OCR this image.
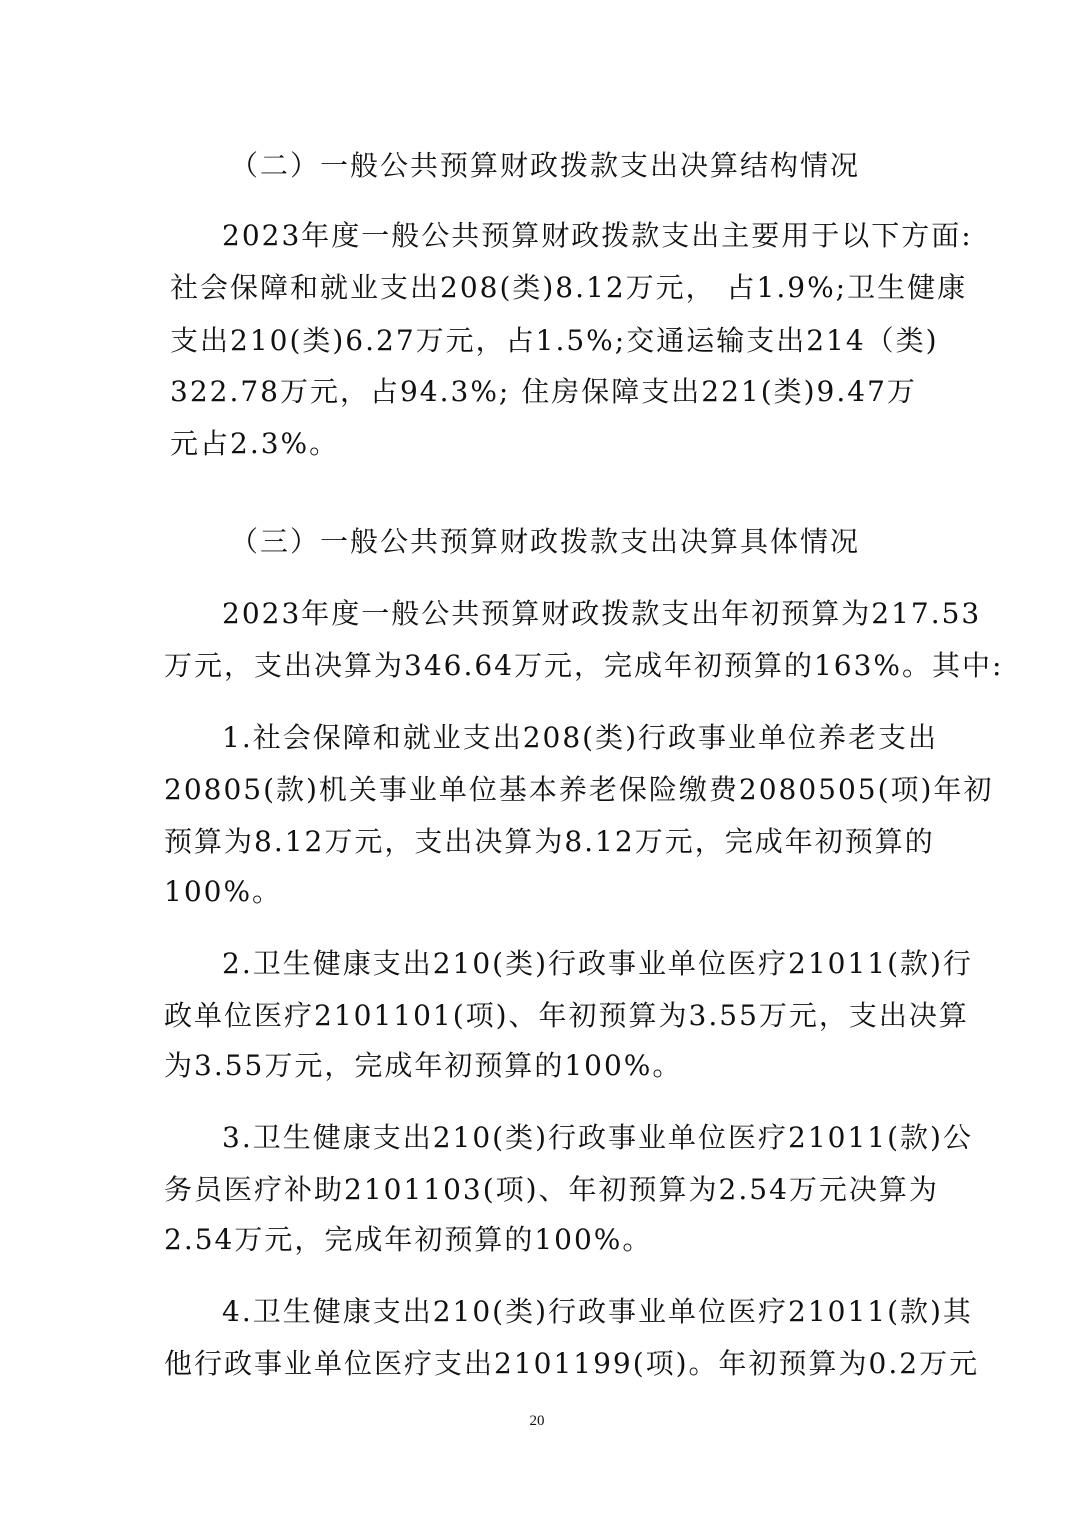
（二）一般公共预算财政拨款支出决算结构情况

2023年度一般公共预算财政拨款支出主要用于以下方面:

社会保障和就业支出208(类)8.12万元， 占1.9%;卫生健康

支出210(类)6.27万元，占1.5%;交通运输支出214（类)

322.78万元，占94.3%; 住房保障支出221(类)9.47万

元占2.3%。

（三）一般公共预算财政拨款支出决算具体情况

2023年度一般公共预算财政拨款支出年初预算为217.53

万元，支出决算为346.64万元，完成年初预算的163%。其中:

1.社会保障和就业支出208(类)行政事业单位养老支出

20805(款)机关事业单位基本养老保险缴费2080505(项)年初

预算为8.12万元，支出决算为8.12万元，完成年初预算的

100%。

2.卫生健康支出210(类)行政事业单位医疗21011(款)行

政单位医疗2101101(项)、年初预算为3.55万元，支出决算

为3.55万元，完成年初预算的100%。

3.卫生健康支出210(类)行政事业单位医疗21011(款)公

务员医疗补助2101103(项)、年初预算为2.54万元决算为

2.54万元，完成年初预算的100%。

4.卫生健康支出210(类)行政事业单位医疗21011(款)其

他行政事业单位医疗支出2101199(项)。年初预算为0.2万元

20
